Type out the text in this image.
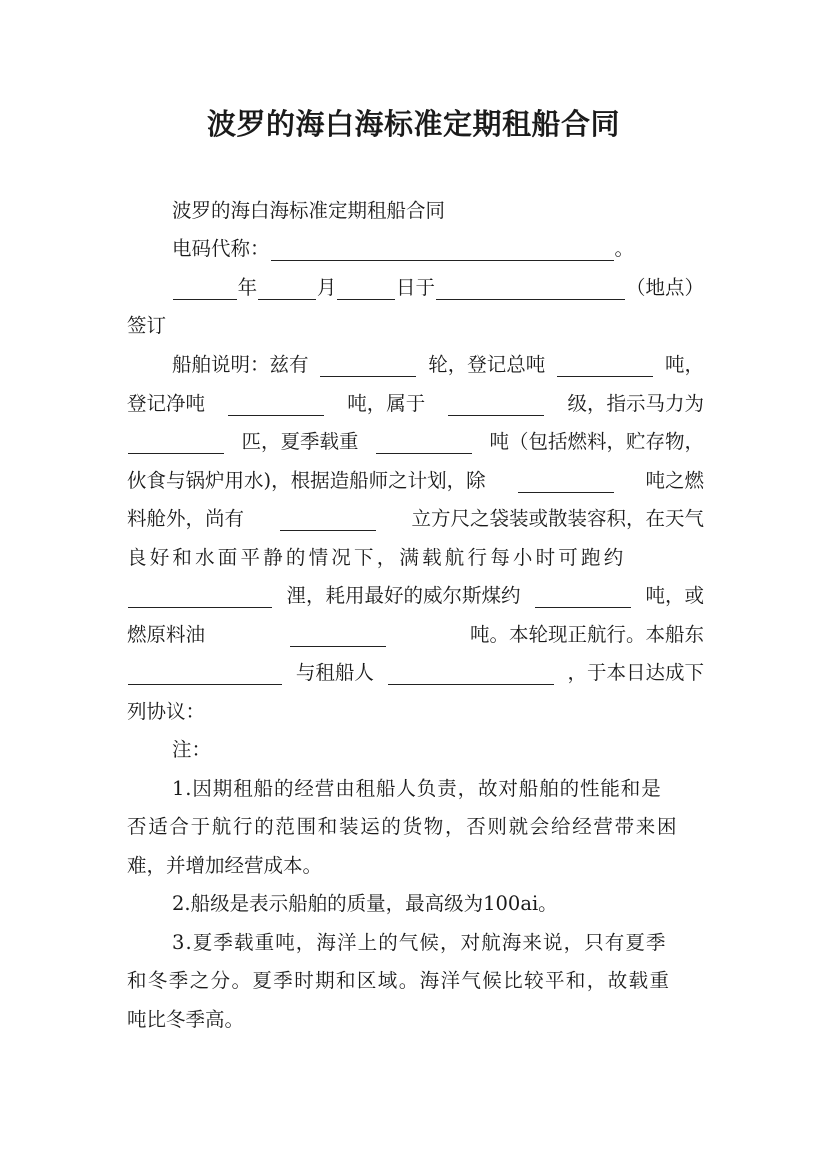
波罗的海白海标准定期租船合同
波罗的海白海标准定期租船合同
电码代称：	。
年	月	日于	（地点）
签订
船舶说明：兹有	轮，登记总吨	吨，
登记净吨	吨，属于	级，指示马力为
匹，夏季载重	吨（包括燃料，贮存物，
伙食与锅炉用水)，根据造船师之计划，除	吨之燃
料舱外，尚有	立方尺之袋装或散装容积，在天气
良好和水面平静的情况下，满载航行每小时可跑约
浬，耗用最好的威尔斯煤约	吨，或
燃原料油	吨。本轮现正航行。本船东
与租船人	，于本日达成下
列协议：
注：
1.因期租船的经营由租船人负责，故对船舶的性能和是
否适合于航行的范围和装运的货物，否则就会给经营带来困
难，并增加经营成本。
2.船级是表示船舶的质量，最高级为100ai。
3.夏季载重吨，海洋上的气候，对航海来说，只有夏季
和冬季之分。夏季时期和区域。海洋气候比较平和，故载重
吨比冬季高。
